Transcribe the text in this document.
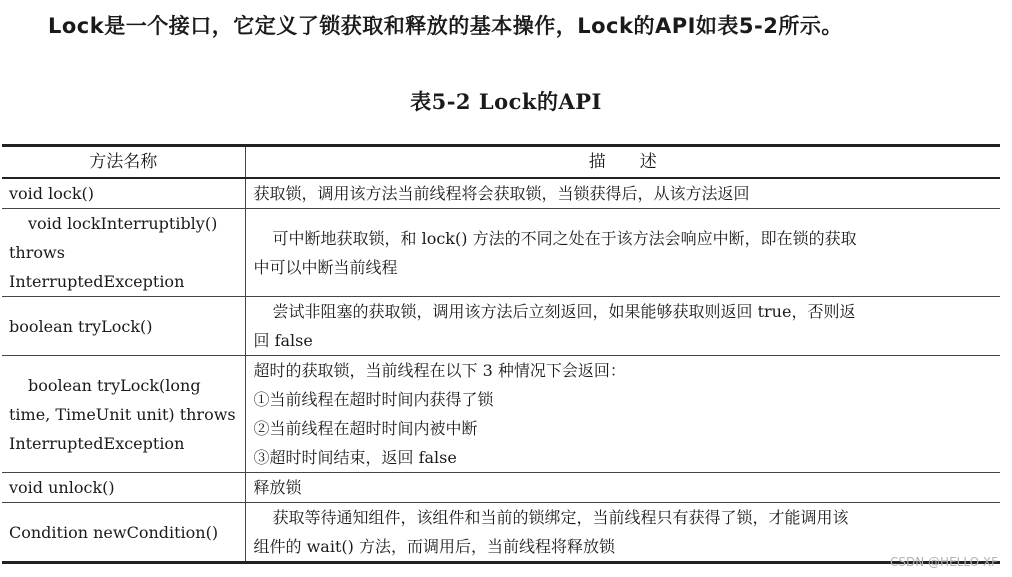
Lock是一个接口，它定义了锁获取和释放的基本操作，Lock的API如表5-2所示。
表5-2 Lock的API
方法名称	描　　述

void lock()	获取锁，调用该方法当前线程将会获取锁，当锁获得后，从该方法返回

void lockInterruptibly()
throws InterruptedException	可中断地获取锁，和 lock() 方法的不同之处在于该方法会响应中断，即在锁的获取
中可以中断当前线程

boolean tryLock()	尝试非阻塞的获取锁，调用该方法后立刻返回，如果能够获取则返回 true，否则返
回 false

boolean tryLock(long
time, TimeUnit unit) throws
InterruptedException	超时的获取锁，当前线程在以下 3 种情况下会返回：
①当前线程在超时时间内获得了锁
②当前线程在超时时间内被中断
③超时时间结束，返回 false

void unlock()	释放锁

Condition newCondition()	获取等待通知组件，该组件和当前的锁绑定，当前线程只有获得了锁，才能调用该
组件的 wait() 方法，而调用后，当前线程将释放锁
CSDN @HELLO XF
